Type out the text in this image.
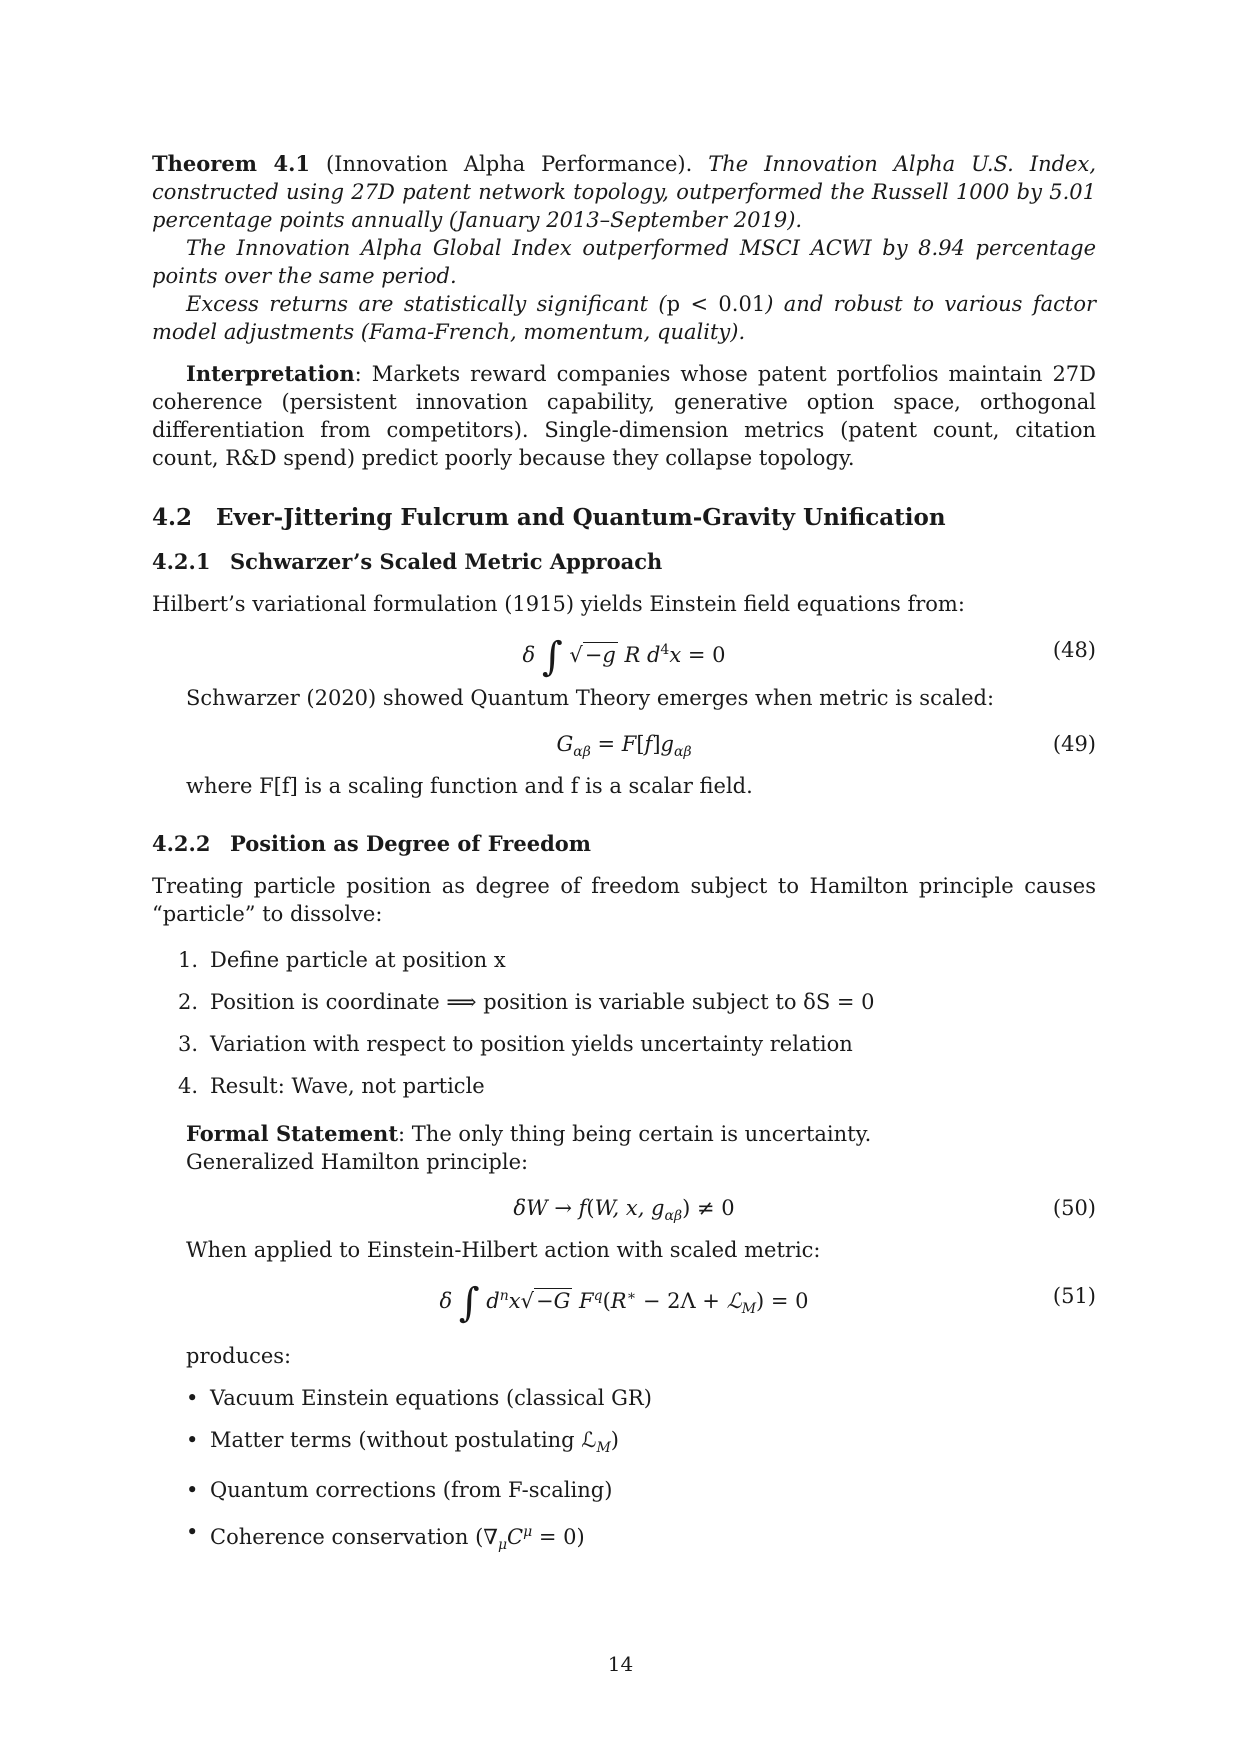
Theorem 4.1 (Innovation Alpha Performance). The Innovation Alpha U.S. Index, constructed using 27D patent network topology, outperformed the Russell 1000 by 5.01 percentage points annually (January 2013–September 2019).

The Innovation Alpha Global Index outperformed MSCI ACWI by 8.94 percentage points over the same period.

Excess returns are statistically significant (p < 0.01) and robust to various factor model adjustments (Fama-French, momentum, quality).

Interpretation: Markets reward companies whose patent portfolios maintain 27D coherence (persistent innovation capability, generative option space, orthogonal differentiation from competitors). Single-dimension metrics (patent count, citation count, R&D spend) predict poorly because they collapse topology.

4.2 Ever-Jittering Fulcrum and Quantum-Gravity Unification
4.2.1 Schwarzer’s Scaled Metric Approach

Hilbert’s variational formulation (1915) yields Einstein field equations from:

δ ∫ √−g R $d^4x = 0$	(48)

Schwarzer (2020) showed Quantum Theory emerges when metric is scaled:

$G_{\alpha\beta} = F[f]g_{\alpha\beta}$	(49)

where F[f] is a scaling function and f is a scalar field.

4.2.2 Position as Degree of Freedom

Treating particle position as degree of freedom subject to Hamilton principle causes “particle” to dissolve:

1. Define particle at position x
2. Position is coordinate ⟹ position is variable subject to δS = 0
3. Variation with respect to position yields uncertainty relation
4. Result: Wave, not particle

Formal Statement: The only thing being certain is uncertainty.

Generalized Hamilton principle:

δW → f(W, x, $g_{\alpha\beta}) \ne 0$	(50)

When applied to Einstein-Hilbert action with scaled metric:

δ ∫ $d^nx√-G$ $F^q(R^∗ - 2\Lambda$ + ℒ$_M$) = 0	(51)

produces:

• Vacuum Einstein equations (classical GR)
• Matter terms (without postulating ℒ$_M$)
• Quantum corrections (from F-scaling)
• Coherence conservation $(\nabla_\mu C^\mu = 0)$
14
